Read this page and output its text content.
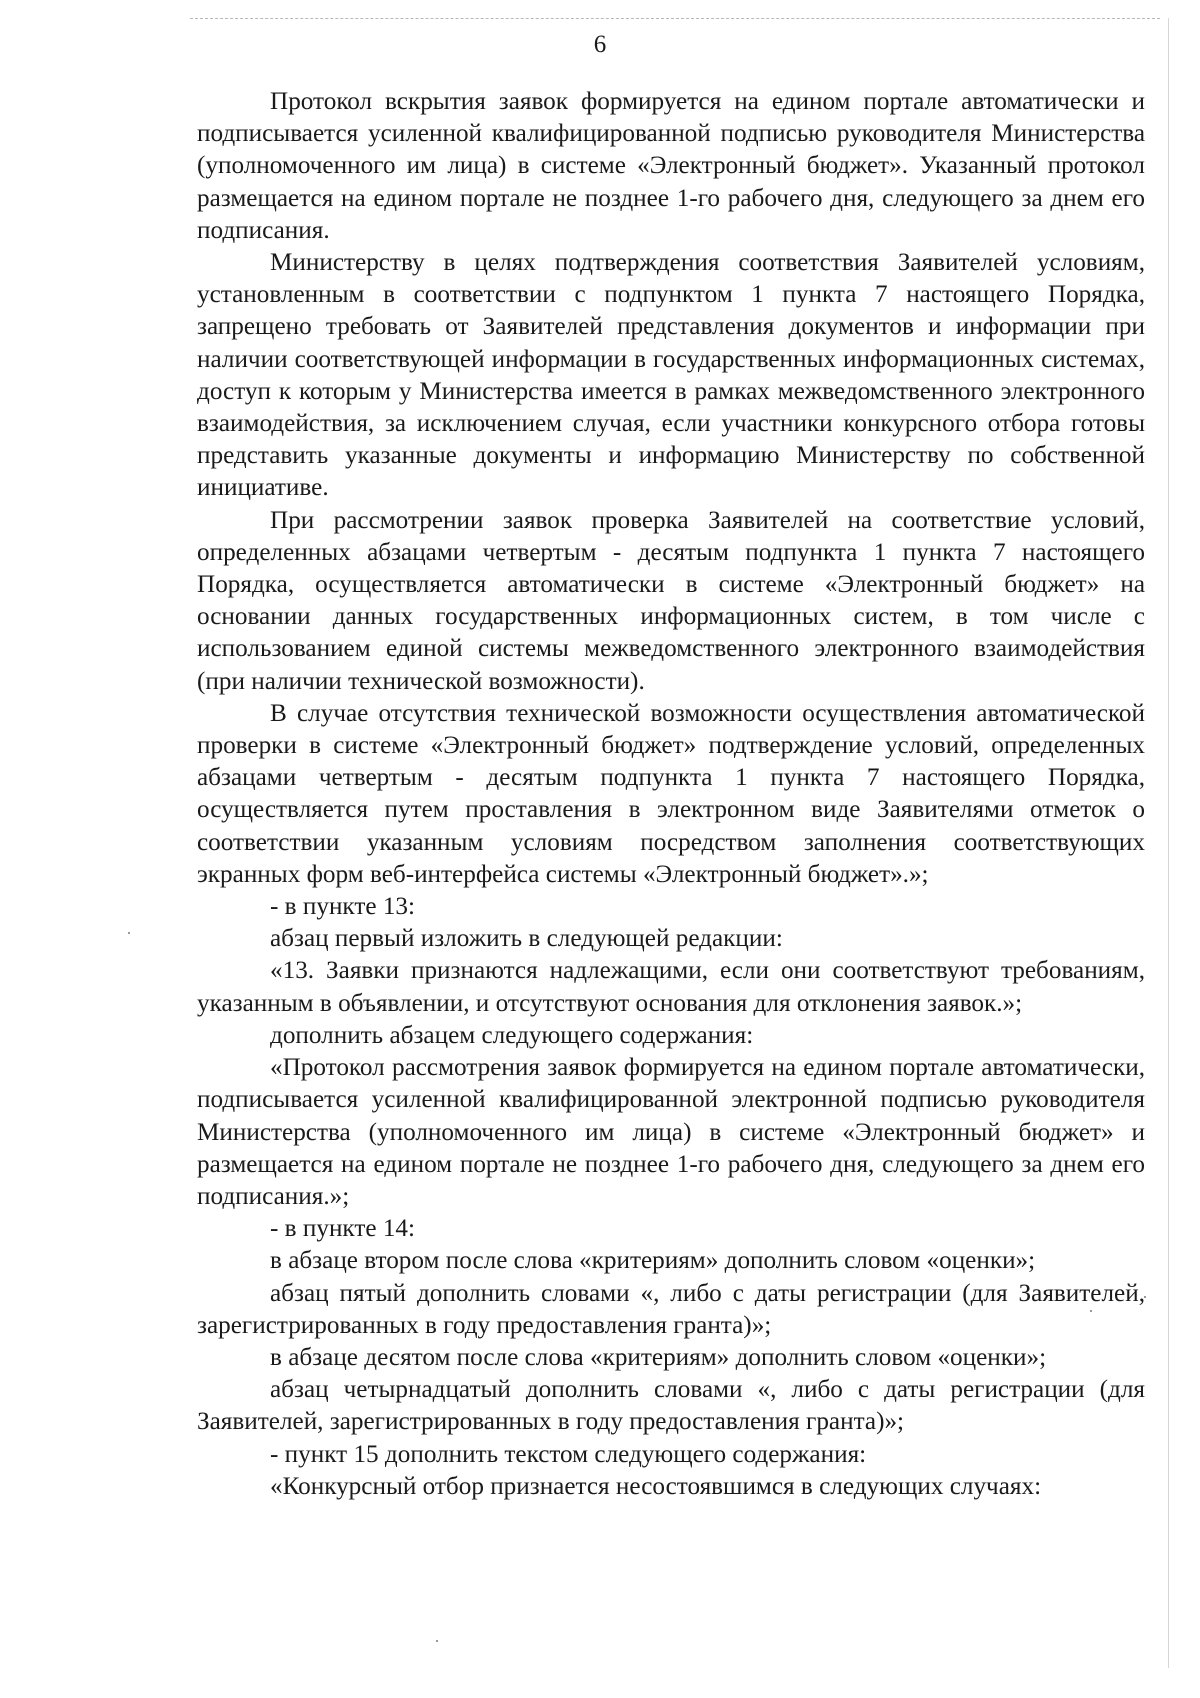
6

Протокол вскрытия заявок формируется на едином портале автоматически и подписывается усиленной квалифицированной подписью руководителя Министерства (уполномоченного им лица) в системе «Электронный бюджет». Указанный протокол размещается на едином портале не позднее 1-го рабочего дня, следующего за днем его подписания.

Министерству в целях подтверждения соответствия Заявителей условиям, установленным в соответствии с подпунктом 1 пункта 7 настоящего Порядка, запрещено требовать от Заявителей представления документов и информации при наличии соответствующей информации в государственных информационных системах, доступ к которым у Министерства имеется в рамках межведомственного электронного взаимодействия, за исключением случая, если участники конкурсного отбора готовы представить указанные документы и информацию Министерству по собственной инициативе.

При рассмотрении заявок проверка Заявителей на соответствие условий, определенных абзацами четвертым - десятым подпункта 1 пункта 7 настоящего Порядка, осуществляется автоматически в системе «Электронный бюджет» на основании данных государственных информационных систем, в том числе с использованием единой системы межведомственного электронного взаимодействия (при наличии технической возможности).

В случае отсутствия технической возможности осуществления автоматической проверки в системе «Электронный бюджет» подтверждение условий, определенных абзацами четвертым - десятым подпункта 1 пункта 7 настоящего Порядка, осуществляется путем проставления в электронном виде Заявителями отметок о соответствии указанным условиям посредством заполнения соответствующих экранных форм веб-интерфейса системы «Электронный бюджет».»;

- в пункте 13:

абзац первый изложить в следующей редакции:

«13. Заявки признаются надлежащими, если они соответствуют требованиям, указанным в объявлении, и отсутствуют основания для отклонения заявок.»;

дополнить абзацем следующего содержания:

«Протокол рассмотрения заявок формируется на едином портале автоматически, подписывается усиленной квалифицированной электронной подписью руководителя Министерства (уполномоченного им лица) в системе «Электронный бюджет» и размещается на едином портале не позднее 1-го рабочего дня, следующего за днем его подписания.»;

- в пункте 14:

в абзаце втором после слова «критериям» дополнить словом «оценки»;

абзац пятый дополнить словами «, либо с даты регистрации (для Заявителей, зарегистрированных в году предоставления гранта)»;

в абзаце десятом после слова «критериям» дополнить словом «оценки»;

абзац четырнадцатый дополнить словами «, либо с даты регистрации (для Заявителей, зарегистрированных в году предоставления гранта)»;

- пункт 15 дополнить текстом следующего содержания:

«Конкурсный отбор признается несостоявшимся в следующих случаях:
